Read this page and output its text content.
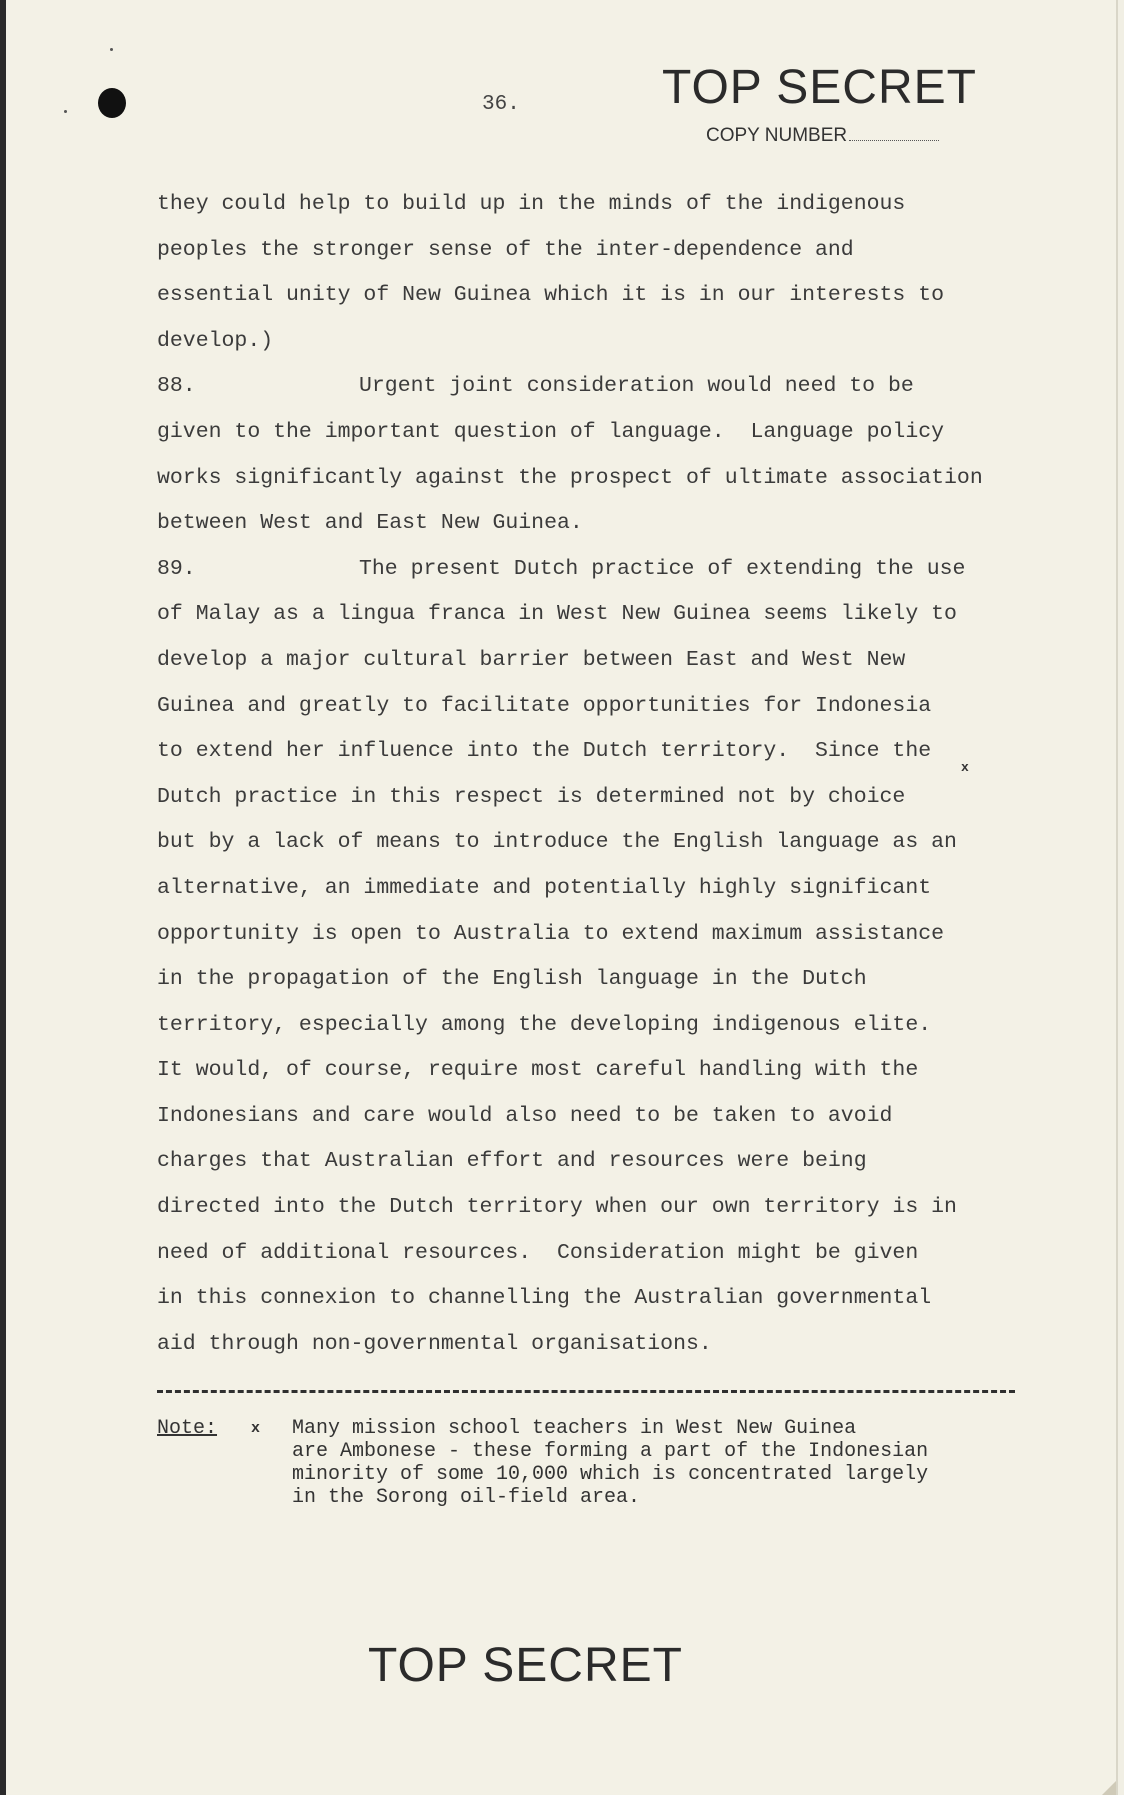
36.	TOP SECRET
COPY NUMBER
they could help to build up in the minds of the indigenous
peoples the stronger sense of the inter-dependence and
essential unity of New Guinea which it is in our interests to
develop.)
88.	Urgent joint consideration would need to be
given to the important question of language.  Language policy
works significantly against the prospect of ultimate association
between West and East New Guinea.
89.	The present Dutch practice of extending the use
of Malay as a lingua franca in West New Guinea seems likely to
develop a major cultural barrier between East and West New
Guinea and greatly to facilitate opportunities for Indonesia
to extend her influence into the Dutch territory.  Since the
Dutch practice in this respect is determined not by choice
but by a lack of means to introduce the English language as an
alternative, an immediate and potentially highly significant
opportunity is open to Australia to extend maximum assistance
in the propagation of the English language in the Dutch
territory, especially among the developing indigenous elite.
It would, of course, require most careful handling with the
Indonesians and care would also need to be taken to avoid
charges that Australian effort and resources were being
directed into the Dutch territory when our own territory is in
need of additional resources.  Consideration might be given
in this connexion to channelling the Australian governmental
aid through non-governmental organisations.
x
Note: x Many mission school teachers in West New Guinea
are Ambonese - these forming a part of the Indonesian
minority of some 10,000 which is concentrated largely
in the Sorong oil-field area.
TOP SECRET
